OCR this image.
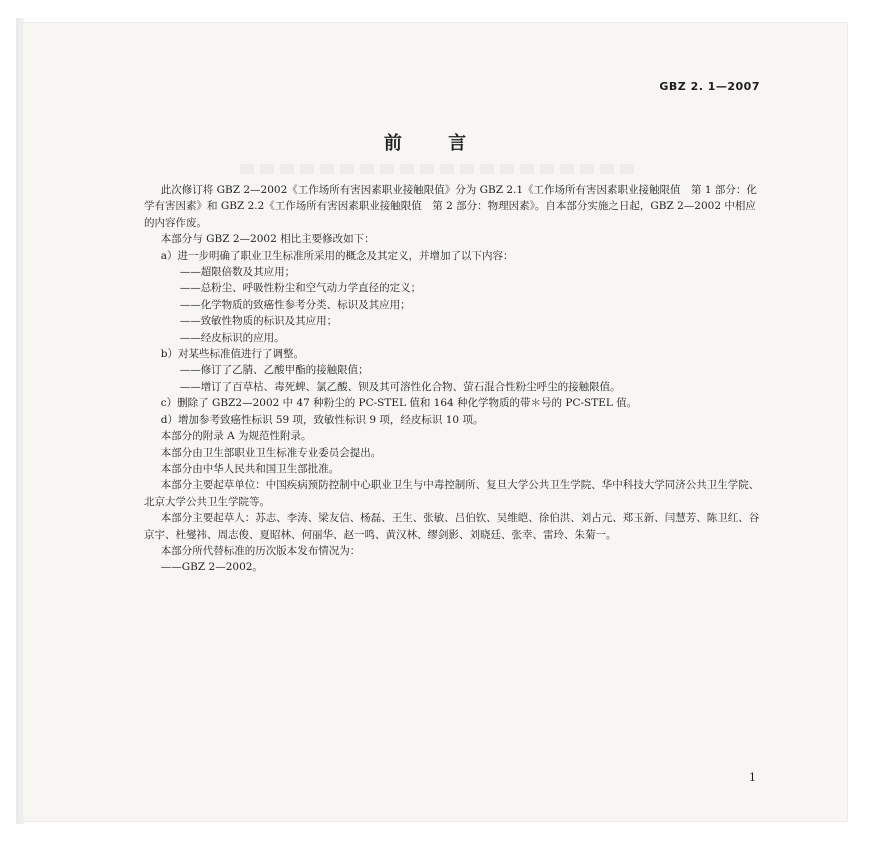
GBZ 2. 1—2007
前 言

此次修订将 GBZ 2—2002《工作场所有害因素职业接触限值》分为 GBZ 2.1《工作场所有害因素职业接触限值　第 1 部分：化学有害因素》和 GBZ 2.2《工作场所有害因素职业接触限值　第 2 部分：物理因素》。自本部分实施之日起，GBZ 2—2002 中相应的内容作废。

本部分与 GBZ 2—2002 相比主要修改如下：

a）进一步明确了职业卫生标准所采用的概念及其定义，并增加了以下内容：

——超限倍数及其应用；

——总粉尘、呼吸性粉尘和空气动力学直径的定义；

——化学物质的致癌性参考分类、标识及其应用；

——致敏性物质的标识及其应用；

——经皮标识的应用。

b）对某些标准值进行了调整。

——修订了乙腈、乙酸甲酯的接触限值；

——增订了百草枯、毒死蜱、氯乙酸、钡及其可溶性化合物、萤石混合性粉尘呼尘的接触限值。

c）删除了 GBZ2—2002 中 47 种粉尘的 PC-STEL 值和 164 种化学物质的带＊号的 PC-STEL 值。

d）增加参考致癌性标识 59 项，致敏性标识 9 项，经皮标识 10 项。

本部分的附录 A 为规范性附录。

本部分由卫生部职业卫生标准专业委员会提出。

本部分由中华人民共和国卫生部批准。

本部分主要起草单位：中国疾病预防控制中心职业卫生与中毒控制所、复旦大学公共卫生学院、华中科技大学同济公共卫生学院、北京大学公共卫生学院等。

本部分主要起草人：苏志、李涛、梁友信、杨磊、王生、张敏、吕伯钦、吴维皑、徐伯洪、刘占元、郑玉新、闫慧芳、陈卫红、谷京宇、杜燮祎、周志俊、夏昭林、何丽华、赵一鸣、黄汉林、缪剑影、刘晓廷、张幸、雷玲、朱菊一。

本部分所代替标准的历次版本发布情况为：

——GBZ 2—2002。

1
